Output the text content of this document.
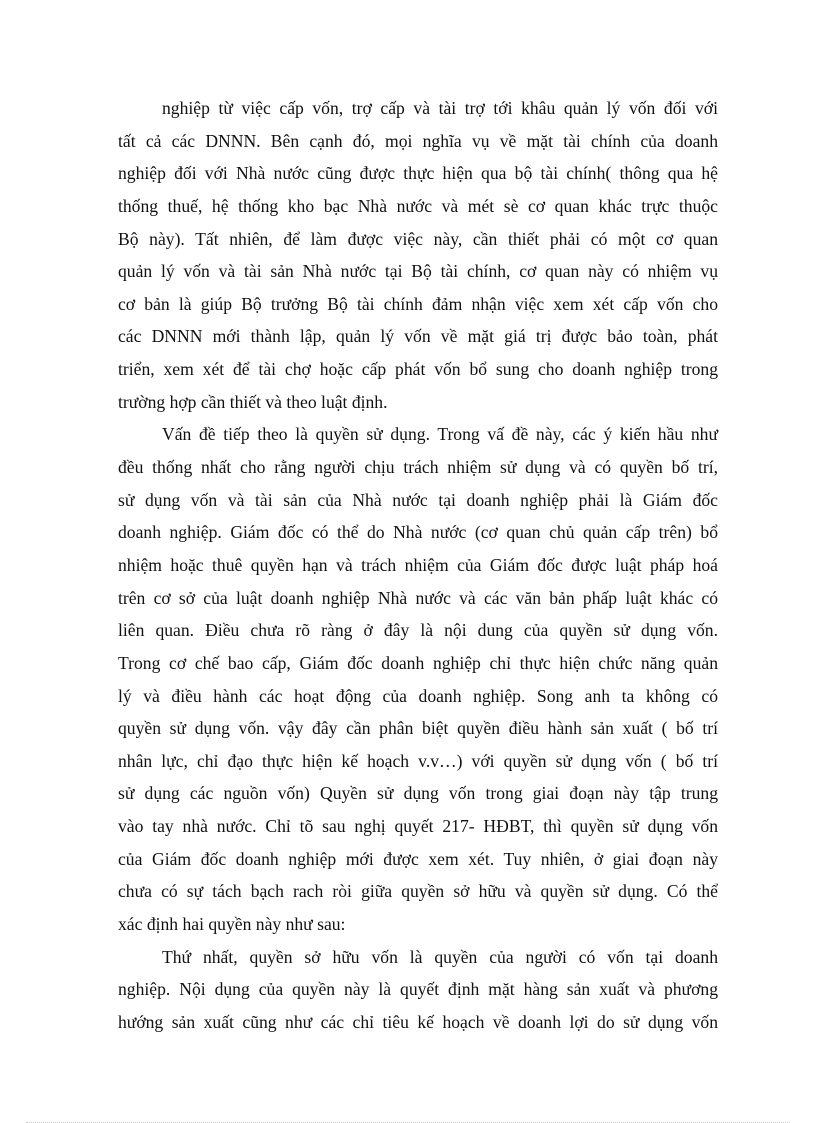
nghiệp từ việc cấp vốn, trợ cấp và tài trợ tới khâu quản lý vốn đối với
tất cả các DNNN. Bên cạnh đó, mọi nghĩa vụ về mặt tài chính của doanh
nghiệp đối với Nhà nước cũng được thực hiện qua bộ tài chính( thông qua hệ
thống thuế, hệ thống kho bạc Nhà nước và mét sè cơ quan khác trực thuộc
Bộ này). Tất nhiên, để làm được việc này, cần thiết phải có một cơ quan
quản lý vốn và tài sản Nhà nước tại Bộ tài chính, cơ quan này có nhiệm vụ
cơ bản là giúp Bộ trưởng Bộ tài chính đảm nhận việc xem xét cấp vốn cho
các DNNN mới thành lập, quản lý vốn về mặt giá trị được bảo toàn, phát
triển, xem xét để tài chợ hoặc cấp phát vốn bổ sung cho doanh nghiệp trong
trường hợp cần thiết và theo luật định.
Vấn đề tiếp theo là quyền sử dụng. Trong vấ đề này, các ý kiến hầu như
đều thống nhất cho rằng người chịu trách nhiệm sử dụng và có quyền bố trí,
sử dụng vốn và tài sản của Nhà nước tại doanh nghiệp phải là Giám đốc
doanh nghiệp. Giám đốc có thể do Nhà nước (cơ quan chủ quản cấp trên) bổ
nhiệm hoặc thuê quyền hạn và trách nhiệm của Giám đốc được luật pháp hoá
trên cơ sở của luật doanh nghiệp Nhà nước và các văn bản phấp luật khác có
liên quan. Điều chưa rõ ràng ở đây là nội dung của quyền sử dụng vốn.
Trong cơ chế bao cấp, Giám đốc doanh nghiệp chỉ thực hiện chức năng quản
lý và điều hành các hoạt động của doanh nghiệp. Song anh ta không có
quyền sử dụng vốn. vậy đây cần phân biệt quyền điều hành sản xuất ( bố trí
nhân lực, chỉ đạo thực hiện kế hoạch v.v…) với quyền sử dụng vốn ( bố trí
sử dụng các nguồn vốn) Quyền sử dụng vốn trong giai đoạn này tập trung
vào tay nhà nước. Chỉ tõ sau nghị quyết 217- HĐBT, thì quyền sử dụng vốn
của Giám đốc doanh nghiệp mới được xem xét. Tuy nhiên, ở giai đoạn này
chưa có sự tách bạch rach ròi giữa quyền sở hữu và quyền sử dụng. Có thể
xác định hai quyền này như sau:
Thứ nhất, quyền sở hữu vốn là quyền của người có vốn tại doanh
nghiệp. Nội dụng của quyền này là quyết định mặt hàng sản xuất và phương
hướng sản xuất cũng như các chỉ tiêu kế hoạch về doanh lợi do sử dụng vốn
